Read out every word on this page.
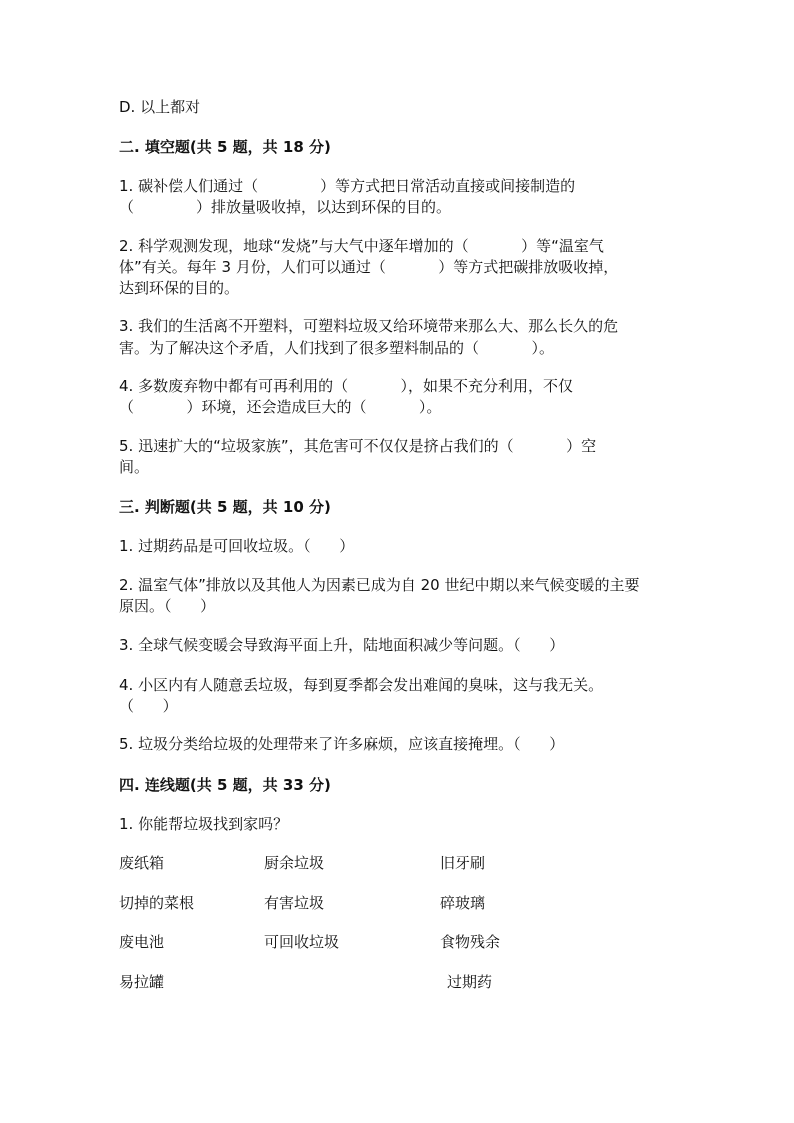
D. 以上都对
二. 填空题(共 5 题，共 18 分)
1. 碳补偿人们通过（             ）等方式把日常活动直接或间接制造的
（             ）排放量吸收掉，以达到环保的目的。
2. 科学观测发现，地球“发烧”与大气中逐年增加的（           ）等“温室气
体”有关。每年 3 月份，人们可以通过（           ）等方式把碳排放吸收掉，
达到环保的目的。
3. 我们的生活离不开塑料，可塑料垃圾又给环境带来那么大、那么长久的危
害。为了解决这个矛盾，人们找到了很多塑料制品的（           ）。
4. 多数废弃物中都有可再利用的（           ），如果不充分利用，不仅
（           ）环境，还会造成巨大的（           ）。
5. 迅速扩大的“垃圾家族”，其危害可不仅仅是挤占我们的（           ）空
间。
三. 判断题(共 5 题，共 10 分)
1. 过期药品是可回收垃圾。（      ）
2. 温室气体”排放以及其他人为因素已成为自 20 世纪中期以来气候变暖的主要
原因。（      ）
3. 全球气候变暖会导致海平面上升，陆地面积减少等问题。（      ）
4. 小区内有人随意丢垃圾，每到夏季都会发出难闻的臭味，这与我无关。
（      ）
5. 垃圾分类给垃圾的处理带来了许多麻烦，应该直接掩埋。（      ）
四. 连线题(共 5 题，共 33 分)
1. 你能帮垃圾找到家吗？
废纸箱
切掉的菜根
废电池
易拉罐
厨余垃圾
有害垃圾
可回收垃圾
旧牙刷
碎玻璃
食物残余
过期药
